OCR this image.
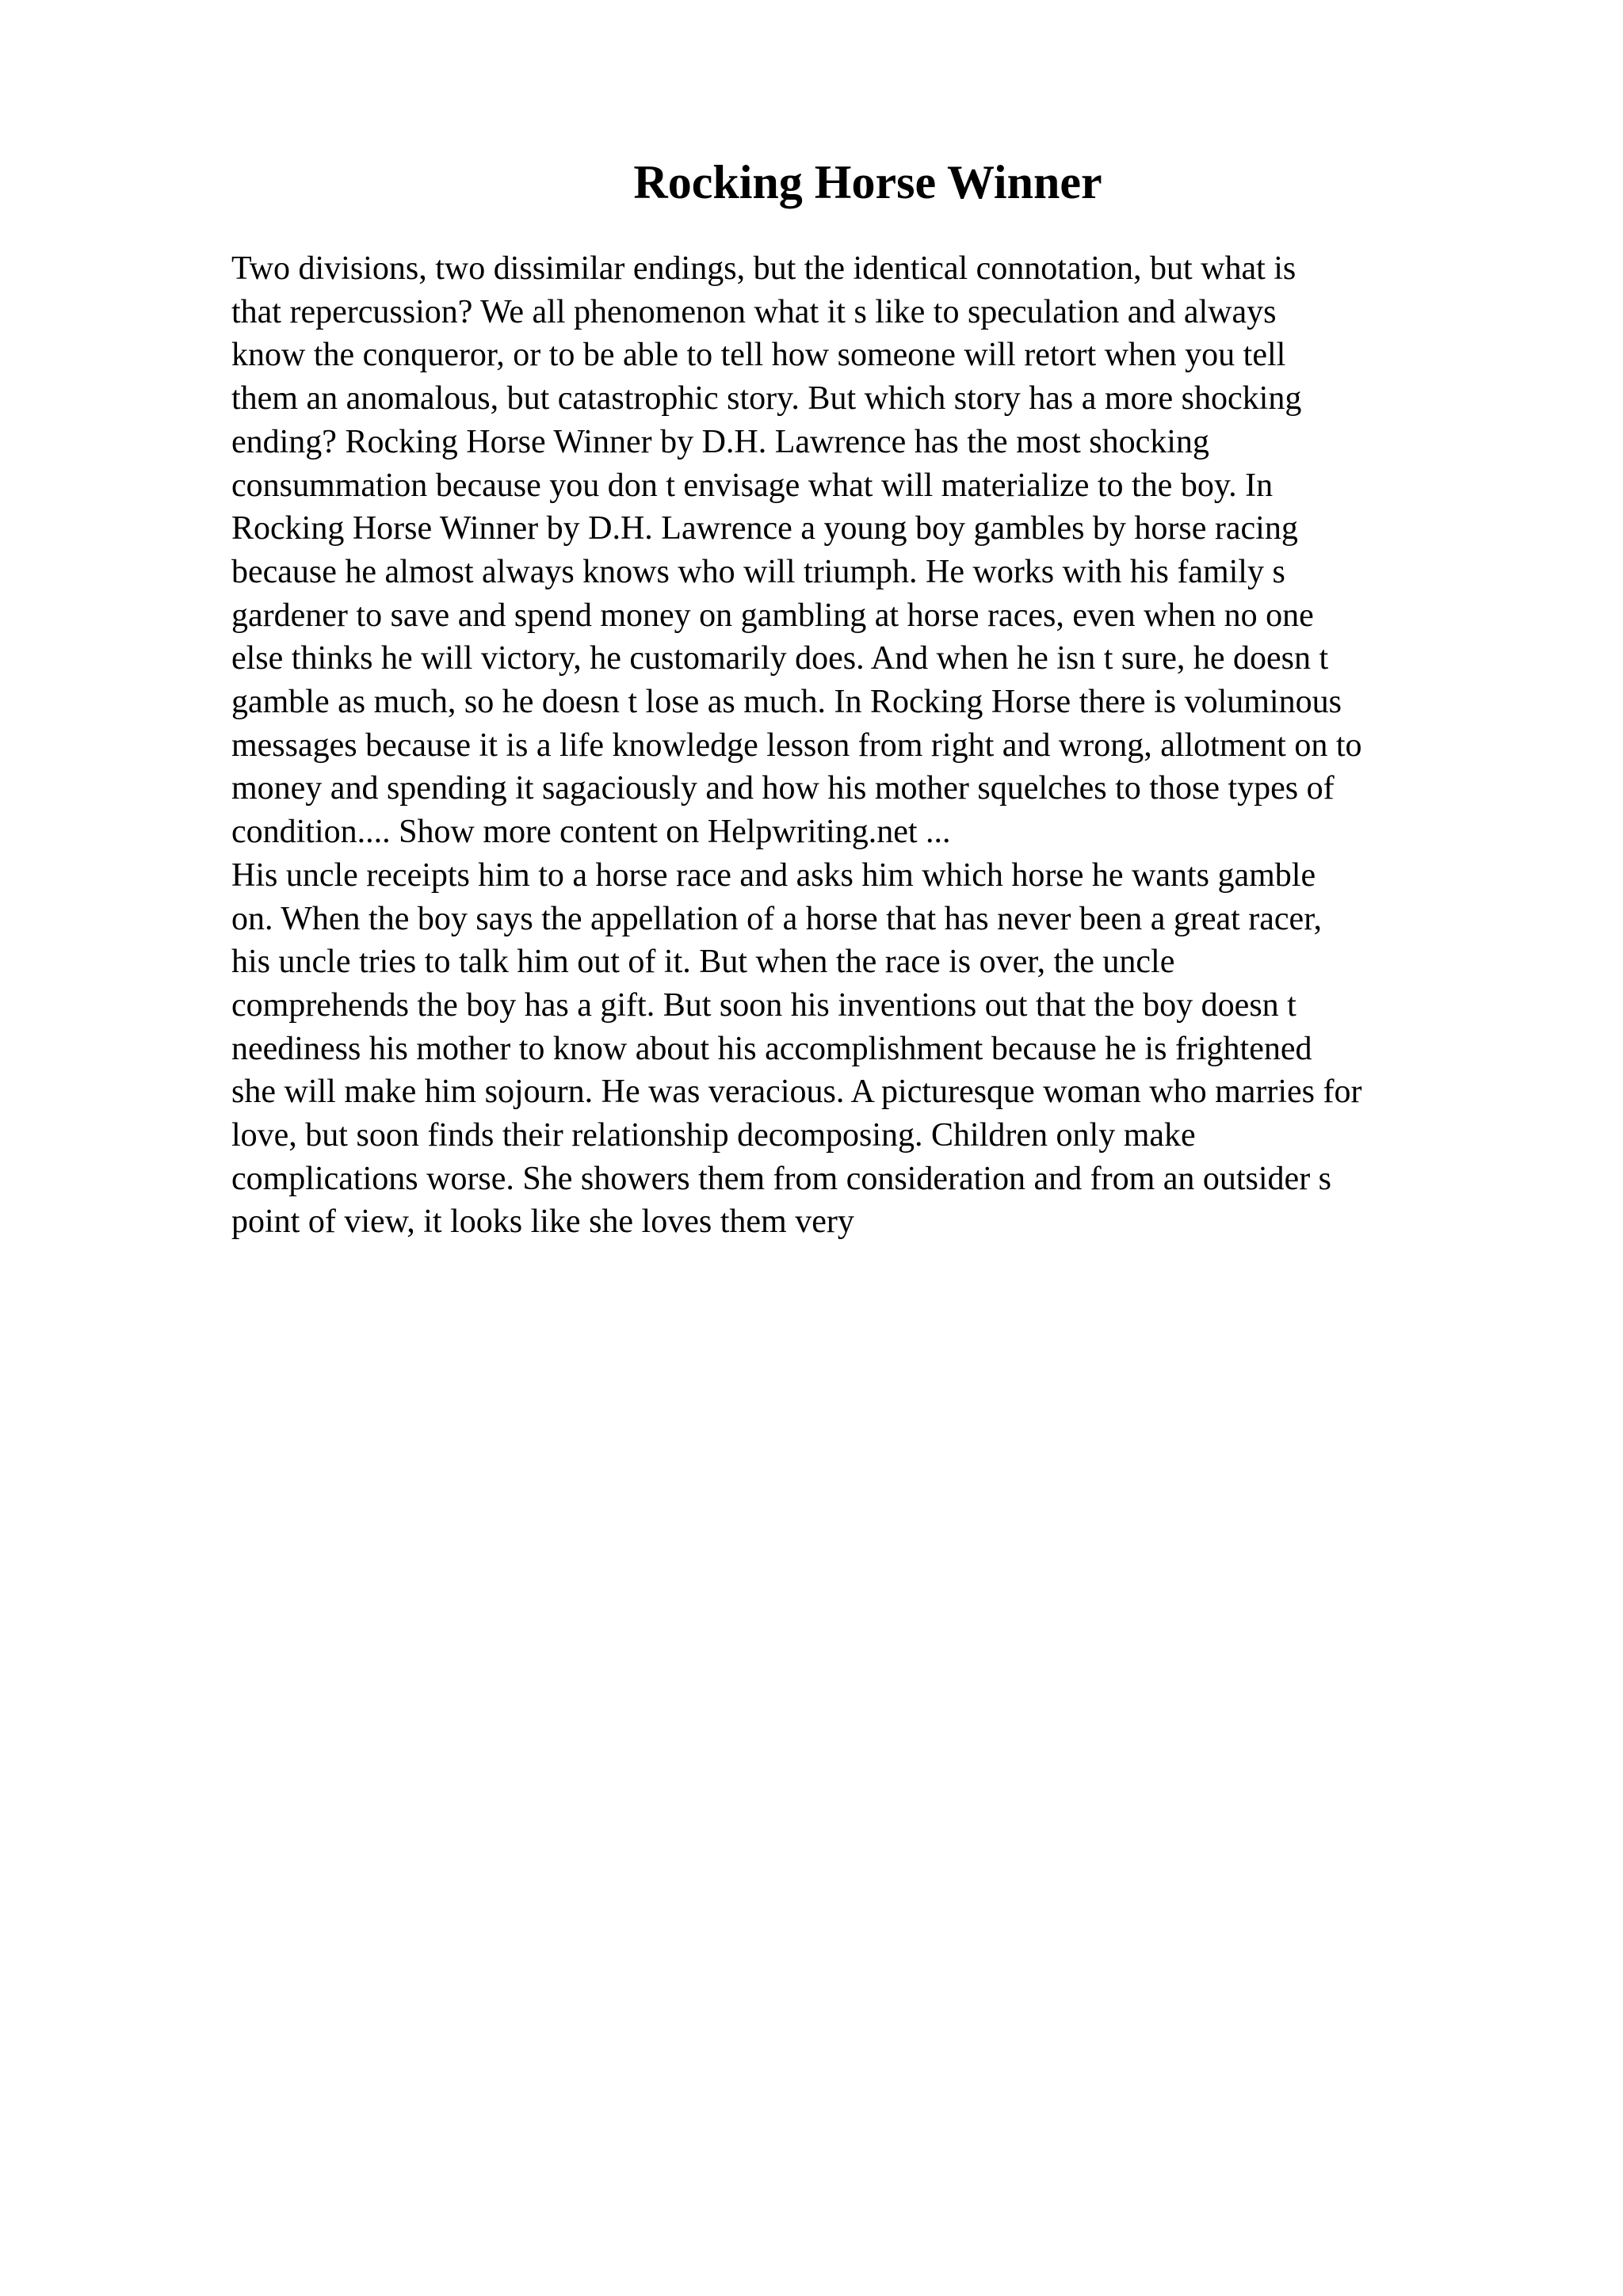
Rocking Horse Winner
Two divisions, two dissimilar endings, but the identical connotation, but what is
that repercussion? We all phenomenon what it s like to speculation and always
know the conqueror, or to be able to tell how someone will retort when you tell
them an anomalous, but catastrophic story. But which story has a more shocking
ending? Rocking Horse Winner by D.H. Lawrence has the most shocking
consummation because you don t envisage what will materialize to the boy. In
Rocking Horse Winner by D.H. Lawrence a young boy gambles by horse racing
because he almost always knows who will triumph. He works with his family s
gardener to save and spend money on gambling at horse races, even when no one
else thinks he will victory, he customarily does. And when he isn t sure, he doesn t
gamble as much, so he doesn t lose as much. In Rocking Horse there is voluminous
messages because it is a life knowledge lesson from right and wrong, allotment on to
money and spending it sagaciously and how his mother squelches to those types of
condition.... Show more content on Helpwriting.net ...
His uncle receipts him to a horse race and asks him which horse he wants gamble
on. When the boy says the appellation of a horse that has never been a great racer,
his uncle tries to talk him out of it. But when the race is over, the uncle
comprehends the boy has a gift. But soon his inventions out that the boy doesn t
neediness his mother to know about his accomplishment because he is frightened
she will make him sojourn. He was veracious. A picturesque woman who marries for
love, but soon finds their relationship decomposing. Children only make
complications worse. She showers them from consideration and from an outsider s
point of view, it looks like she loves them very
